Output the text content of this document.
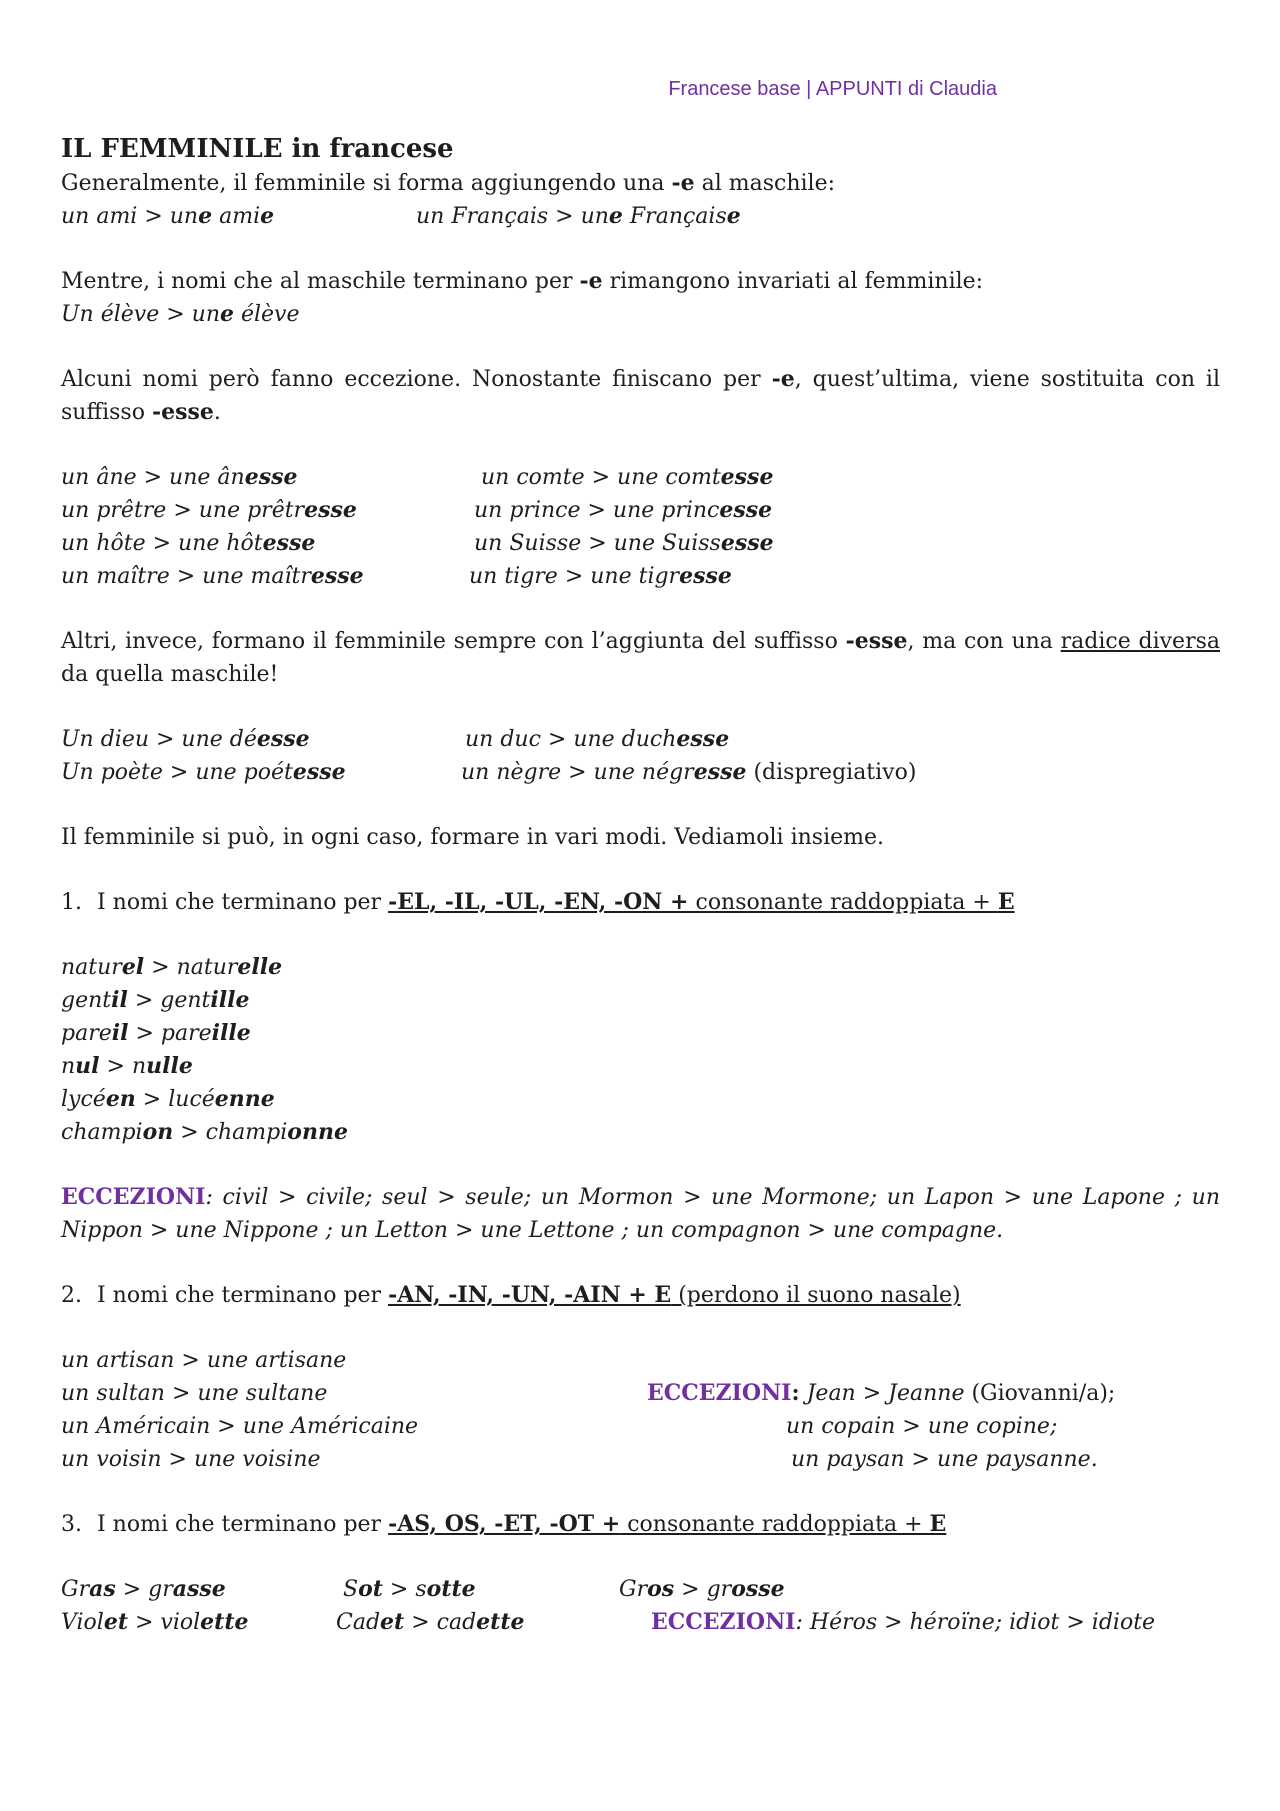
Francese base | APPUNTI di Claudia
IL FEMMINILE in francese
Generalmente, il femminile si forma aggiungendo una -e al maschile:
un ami > une amie	un Français > une Française
Mentre, i nomi che al maschile terminano per -e rimangono invariati al femminile:
Un élève > une élève
Alcuni nomi però fanno eccezione. Nonostante finiscano per -e, quest’ultima, viene sostituita con il suffisso -esse.
un âne > une ânesse	un comte > une comtesse
un prêtre > une prêtresse	un prince > une princesse
un hôte > une hôtesse	un Suisse > une Suissesse
un maître > une maîtresse	un tigre > une tigresse
Altri, invece, formano il femminile sempre con l’aggiunta del suffisso -esse, ma con una radice diversa da quella maschile!
Un dieu > une déesse	un duc > une duchesse
Un poète > une poétesse	un nègre > une négresse (dispregiativo)
Il femminile si può, in ogni caso, formare in vari modi. Vediamoli insieme.
1. I nomi che terminano per -EL, -IL, -UL, -EN, -ON + consonante raddoppiata + E
naturel > naturelle
gentil > gentille
pareil > pareille
nul > nulle
lycéen > lucéenne
champion > championne
ECCEZIONI: civil > civile; seul > seule; un Mormon > une Mormone; un Lapon > une Lapone ; un Nippon > une Nippone ; un Letton > une Lettone ; un compagnon > une compagne.
2. I nomi che terminano per -AN, -IN, -UN, -AIN + E (perdono il suono nasale)
un artisan > une artisane
un sultan > une sultane	ECCEZIONI: Jean > Jeanne (Giovanni/a);
un Américain > une Américaine	un copain > une copine;
un voisin > une voisine	un paysan > une paysanne.
3. I nomi che terminano per -AS, OS, -ET, -OT + consonante raddoppiata + E
Gras > grasse	Sot > sotte	Gros > grosse
Violet > violette	Cadet > cadette	ECCEZIONI: Héros > héroïne; idiot > idiote
